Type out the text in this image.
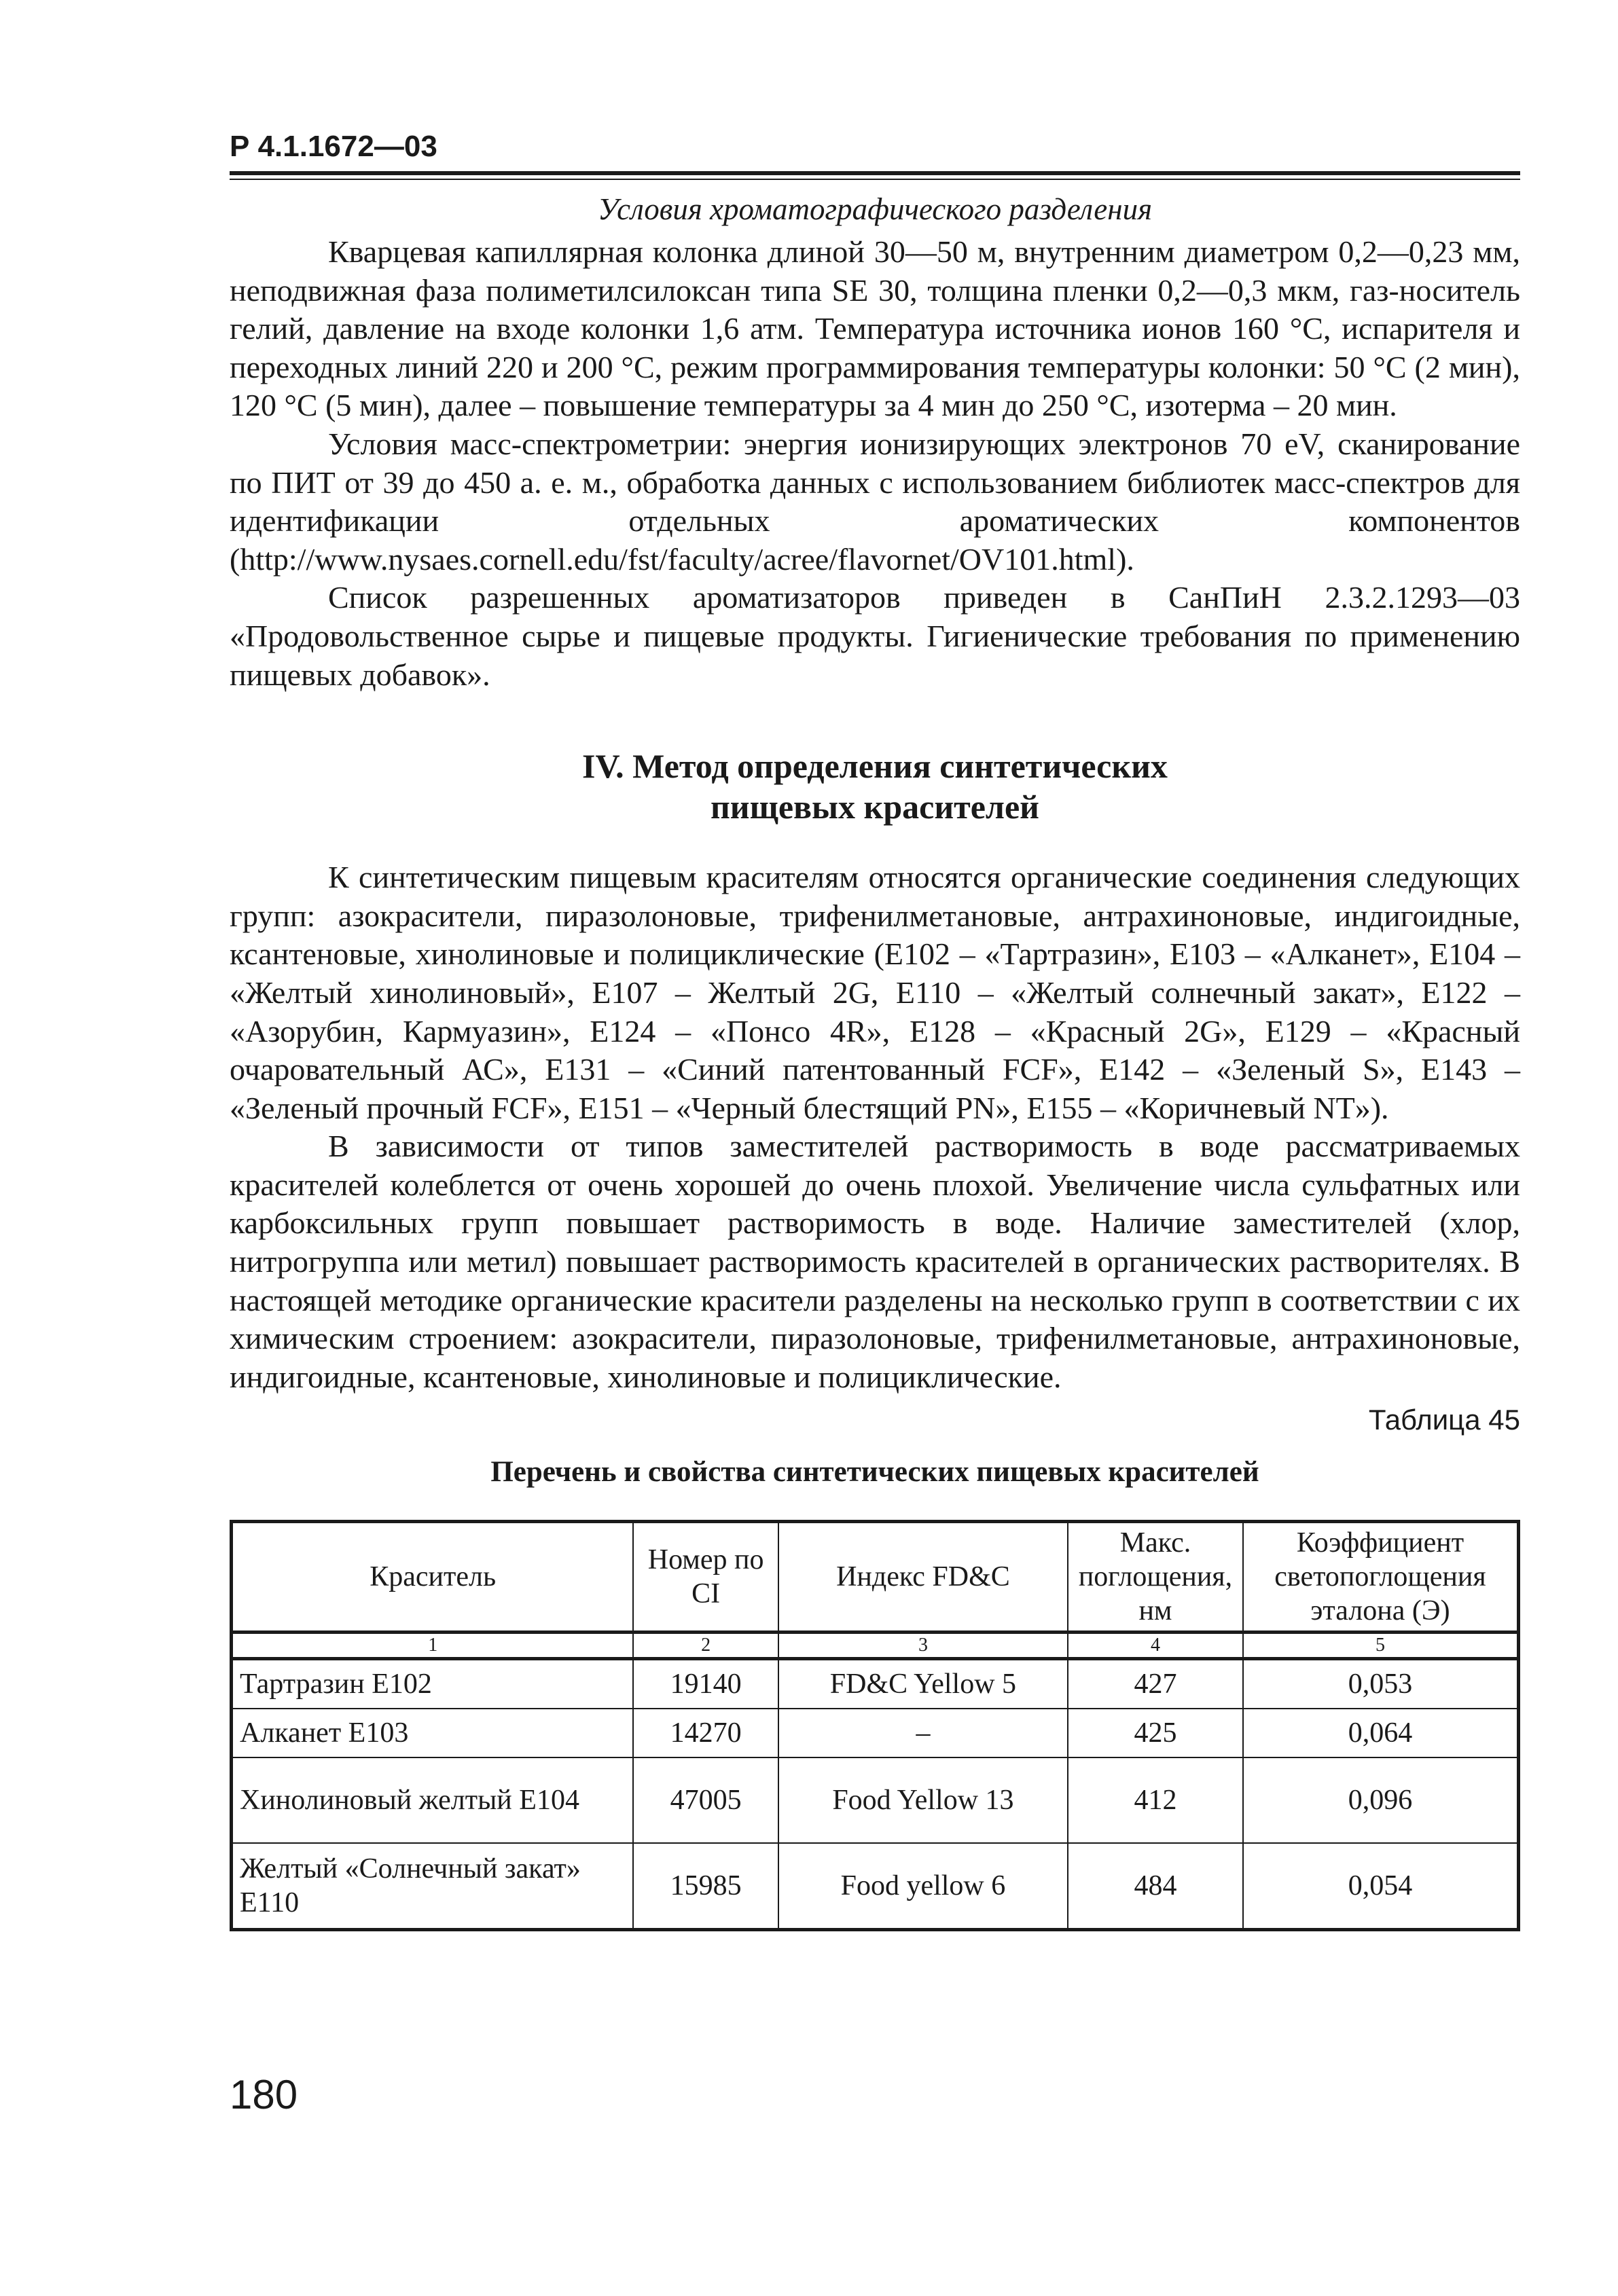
Р 4.1.1672—03
Условия хроматографического разделения

Кварцевая капиллярная колонка длиной 30—50 м, внутренним диаметром 0,2—0,23 мм, неподвижная фаза полиметилсилоксан типа SE 30, толщина пленки 0,2—0,3 мкм, газ-носитель гелий, давление на входе колонки 1,6 атм. Температура источника ионов 160 °С, испарителя и переходных линий 220 и 200 °С, режим программирования температуры колонки: 50 °С (2 мин), 120 °С (5 мин), далее – повышение температуры за 4 мин до 250 °С, изотерма – 20 мин.

Условия масс-спектрометрии: энергия ионизирующих электронов 70 eV, сканирование по ПИТ от 39 до 450 а. е. м., обработка данных с использованием библиотек масс-спектров для идентификации отдельных ароматических компонентов (http://www.nysaes.cornell.edu/fst/faculty/acree/flavornet/OV101.html).

Список разрешенных ароматизаторов приведен в СанПиН 2.3.2.1293—03 «Продовольственное сырье и пищевые продукты. Гигиенические требования по применению пищевых добавок».

IV. Метод определения синтетических
пищевых красителей

К синтетическим пищевым красителям относятся органические соединения следующих групп: азокрасители, пиразолоновые, трифенилметановые, антрахиноновые, индигоидные, ксантеновые, хинолиновые и полициклические (Е102 – «Тартразин», Е103 – «Алканет», Е104 – «Желтый хинолиновый», Е107 – Желтый 2G, Е110 – «Желтый солнечный закат», Е122 – «Азорубин, Кармуазин», Е124 – «Понсо 4R», Е128 – «Красный 2G», Е129 – «Красный очаровательный АС», Е131 – «Синий патентованный FCF», Е142 – «Зеленый S», Е143 – «Зеленый прочный FCF», Е151 – «Черный блестящий PN», Е155 – «Коричневый NT»).

В зависимости от типов заместителей растворимость в воде рассматриваемых красителей колеблется от очень хорошей до очень плохой. Увеличение числа сульфатных или карбоксильных групп повышает растворимость в воде. Наличие заместителей (хлор, нитрогруппа или метил) повышает растворимость красителей в органических растворителях. В настоящей методике органические красители разделены на несколько групп в соответствии с их химическим строением: азокрасители, пиразолоновые, трифенилметановые, антрахиноновые, индигоидные, ксантеновые, хинолиновые и полициклические.

Таблица 45
Перечень и свойства синтетических пищевых красителей
Краситель	Номер по CI	Индекс FD&C	Макс. поглощения, нм	Коэффициент светопоглощения эталона (Э)
1	2	3	4	5
Тартразин Е102	19140	FD&C Yellow 5	427	0,053
Алканет Е103	14270	–	425	0,064
Хинолиновый желтый Е104	47005	Food Yellow 13	412	0,096
Желтый «Солнечный закат» Е110	15985	Food yellow 6	484	0,054
180
